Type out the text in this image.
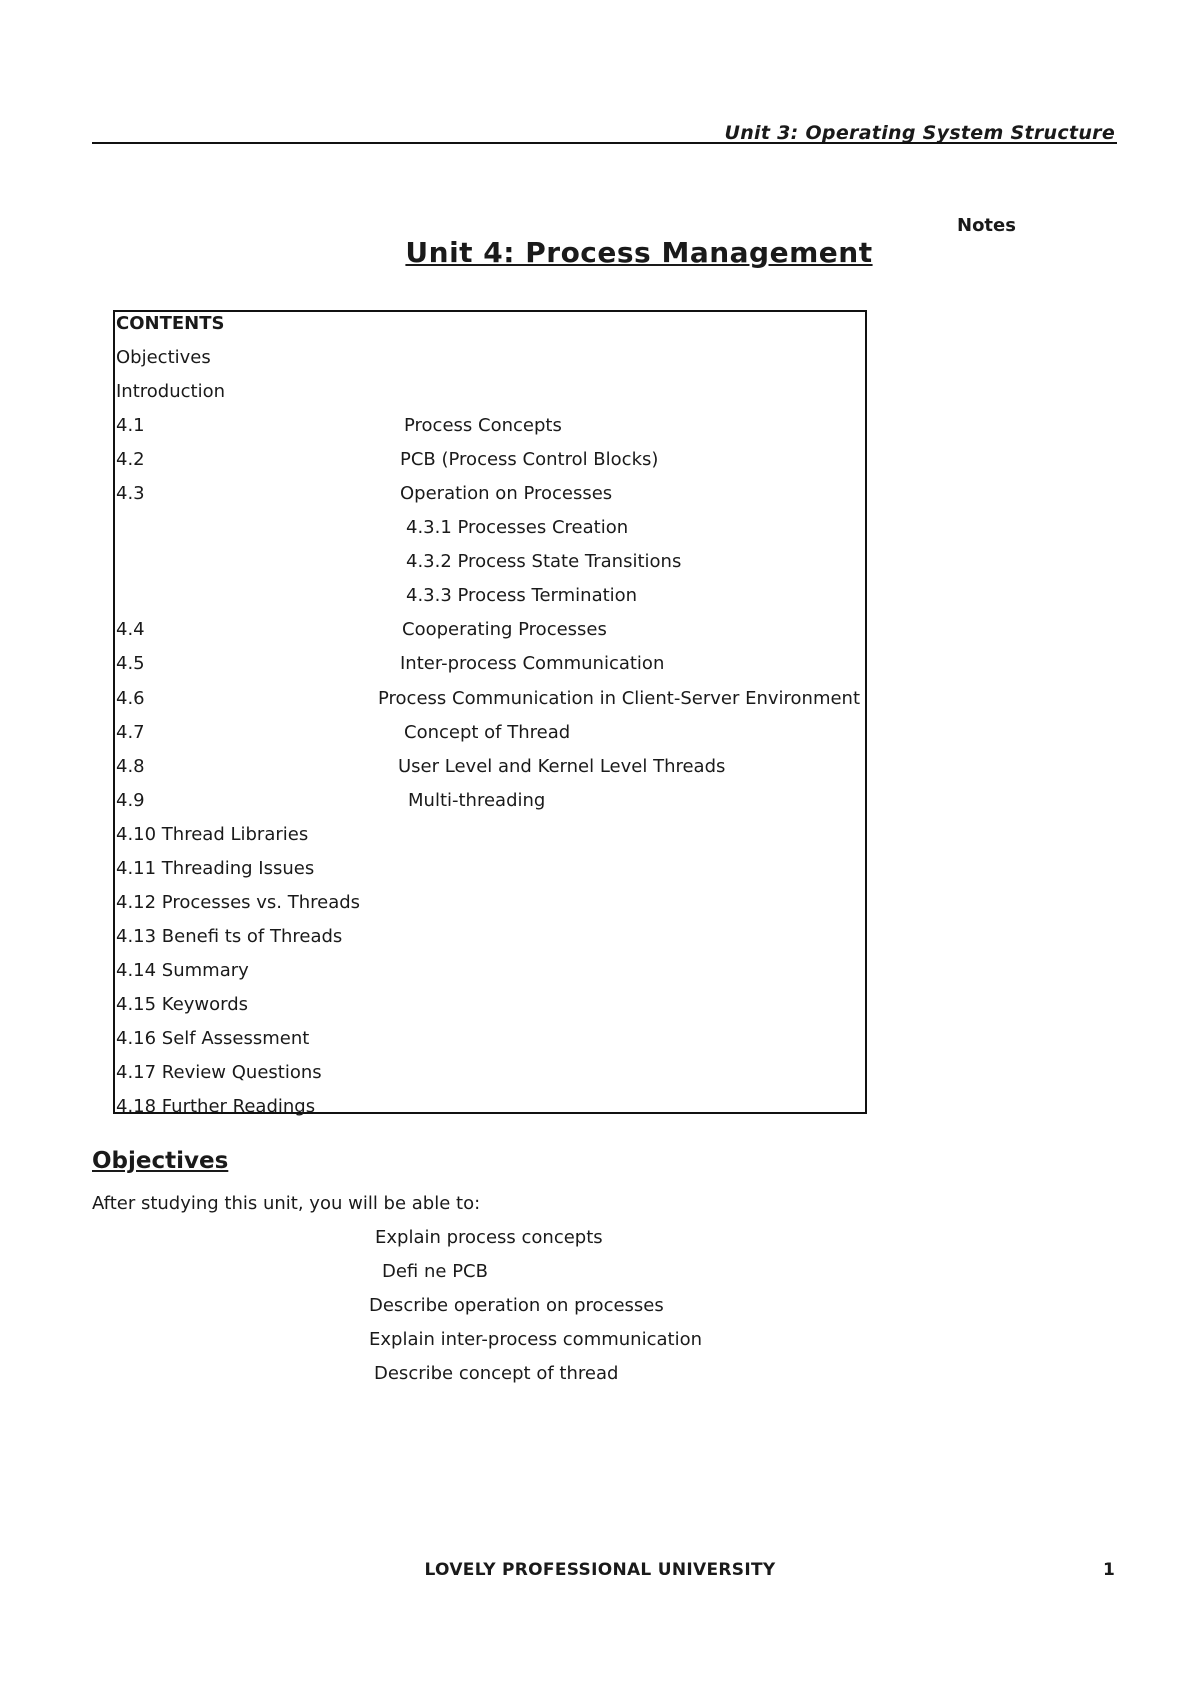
Unit 3: Operating System Structure
Notes
Unit 4: Process Management
CONTENTS
Objectives
Introduction
4.1	Process Concepts
4.2	PCB (Process Control Blocks)
4.3	Operation on Processes
4.3.1 Processes Creation
4.3.2 Process State Transitions
4.3.3 Process Termination
4.4	Cooperating Processes
4.5	Inter-process Communication
4.6	Process Communication in Client-Server Environment
4.7	Concept of Thread
4.8	User Level and Kernel Level Threads
4.9	Multi-threading
4.10 Thread Libraries
4.11 Threading Issues
4.12 Processes vs. Threads
4.13 Benefi ts of Threads
4.14 Summary
4.15 Keywords
4.16 Self Assessment
4.17 Review Questions
4.18 Further Readings
Objectives
After studying this unit, you will be able to:
Explain process concepts
Defi ne PCB
Describe operation on processes
Explain inter-process communication
Describe concept of thread
LOVELY PROFESSIONAL UNIVERSITY	1
